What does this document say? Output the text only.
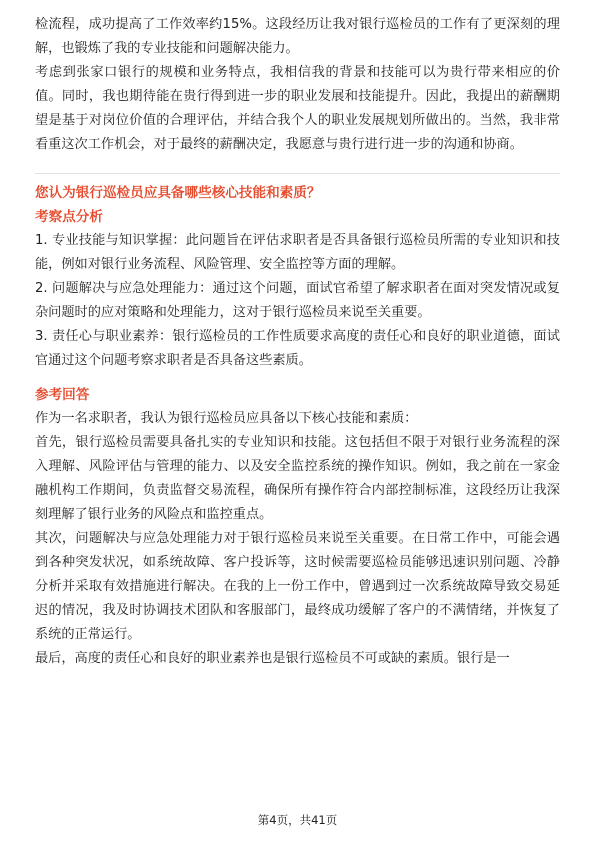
检流程，成功提高了工作效率约15%。这段经历让我对银行巡检员的工作有了更深刻的理解，也锻炼了我的专业技能和问题解决能力。

考虑到张家口银行的规模和业务特点，我相信我的背景和技能可以为贵行带来相应的价值。同时，我也期待能在贵行得到进一步的职业发展和技能提升。因此，我提出的薪酬期望是基于对岗位价值的合理评估，并结合我个人的职业发展规划所做出的。当然，我非常看重这次工作机会，对于最终的薪酬决定，我愿意与贵行进行进一步的沟通和协商。

您认为银行巡检员应具备哪些核心技能和素质？
考察点分析

1. 专业技能与知识掌握：此问题旨在评估求职者是否具备银行巡检员所需的专业知识和技能，例如对银行业务流程、风险管理、安全监控等方面的理解。

2. 问题解决与应急处理能力：通过这个问题，面试官希望了解求职者在面对突发情况或复杂问题时的应对策略和处理能力，这对于银行巡检员来说至关重要。

3. 责任心与职业素养：银行巡检员的工作性质要求高度的责任心和良好的职业道德，面试官通过这个问题考察求职者是否具备这些素质。

参考回答

作为一名求职者，我认为银行巡检员应具备以下核心技能和素质：

首先，银行巡检员需要具备扎实的专业知识和技能。这包括但不限于对银行业务流程的深入理解、风险评估与管理的能力、以及安全监控系统的操作知识。例如，我之前在一家金融机构工作期间，负责监督交易流程，确保所有操作符合内部控制标准，这段经历让我深刻理解了银行业务的风险点和监控重点。

其次，问题解决与应急处理能力对于银行巡检员来说至关重要。在日常工作中，可能会遇到各种突发状况，如系统故障、客户投诉等，这时候需要巡检员能够迅速识别问题、冷静分析并采取有效措施进行解决。在我的上一份工作中，曾遇到过一次系统故障导致交易延迟的情况，我及时协调技术团队和客服部门，最终成功缓解了客户的不满情绪，并恢复了系统的正常运行。

最后，高度的责任心和良好的职业素养也是银行巡检员不可或缺的素质。银行是一

第4页，共41页
